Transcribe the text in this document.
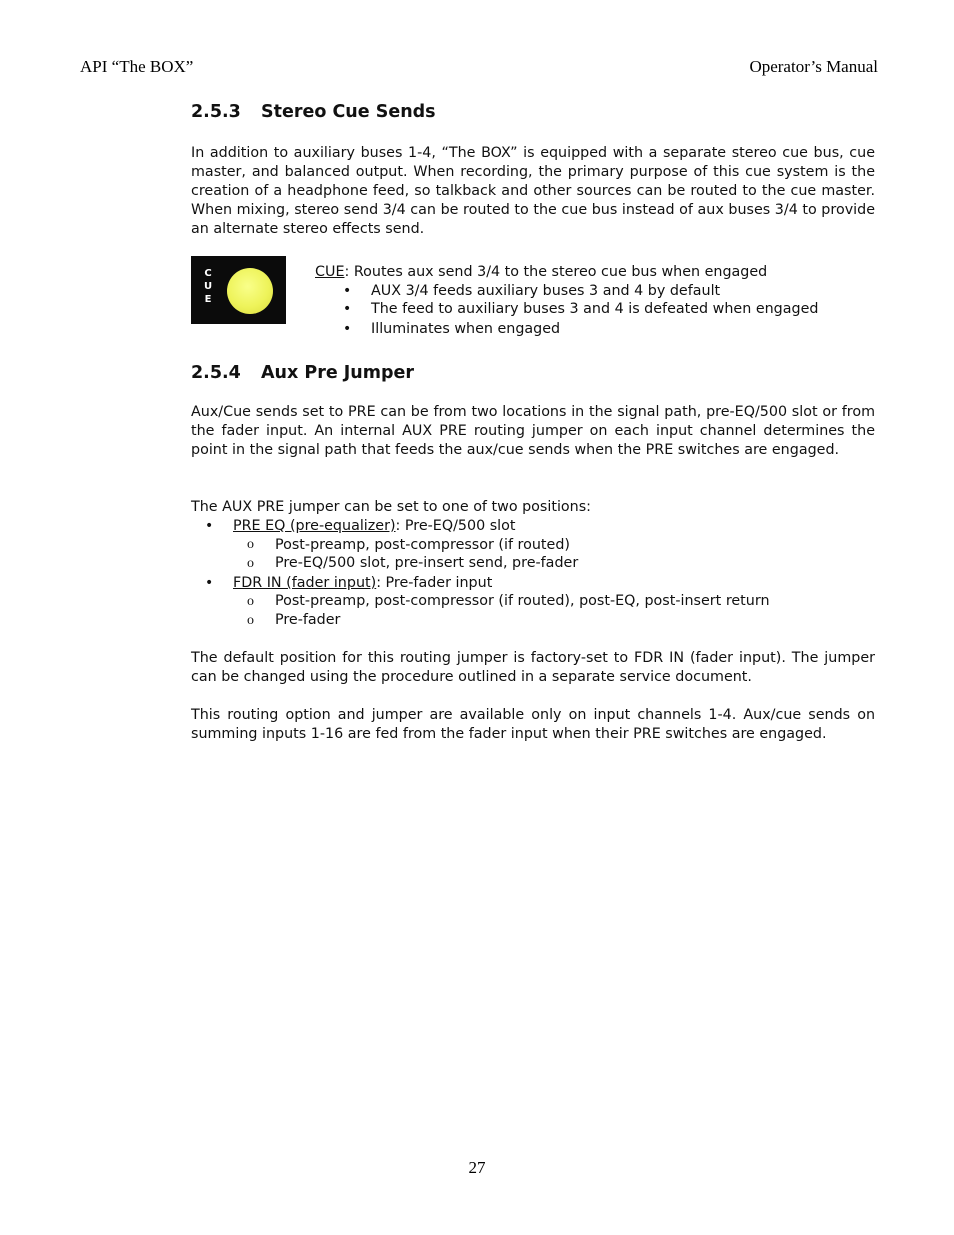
API “The BOX”	Operator’s Manual
2.5.3 Stereo Cue Sends
In addition to auxiliary buses 1-4, “The BOX” is equipped with a separate stereo cue bus, cue master, and balanced output. When recording, the primary purpose of this cue system is the creation of a headphone feed, so talkback and other sources can be routed to the cue master. When mixing, stereo send 3/4 can be routed to the cue bus instead of aux buses 3/4 to provide an alternate stereo effects send.
C
U
E
CUE: Routes aux send 3/4 to the stereo cue bus when engaged
• AUX 3/4 feeds auxiliary buses 3 and 4 by default
• The feed to auxiliary buses 3 and 4 is defeated when engaged
• Illuminates when engaged
2.5.4 Aux Pre Jumper
Aux/Cue sends set to PRE can be from two locations in the signal path, pre-EQ/500 slot or from the fader input. An internal AUX PRE routing jumper on each input channel determines the point in the signal path that feeds the aux/cue sends when the PRE switches are engaged.
The AUX PRE jumper can be set to one of two positions:
• PRE EQ (pre-equalizer): Pre-EQ/500 slot
o Post-preamp, post-compressor (if routed)
o Pre-EQ/500 slot, pre-insert send, pre-fader
• FDR IN (fader input): Pre-fader input
o Post-preamp, post-compressor (if routed), post-EQ, post-insert return
o Pre-fader
The default position for this routing jumper is factory-set to FDR IN (fader input). The jumper can be changed using the procedure outlined in a separate service document.
This routing option and jumper are available only on input channels 1-4. Aux/cue sends on summing inputs 1-16 are fed from the fader input when their PRE switches are engaged.
27
